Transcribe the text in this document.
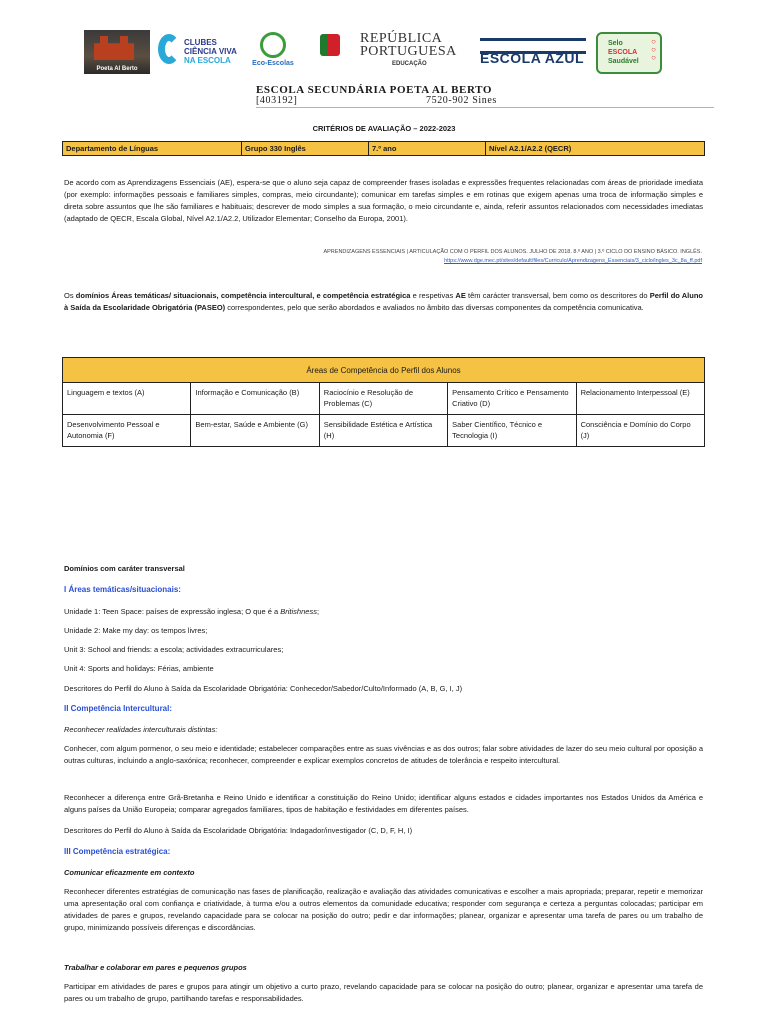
Poeta Al Berto
CLUBES
CIÊNCIA VIVA
NA ESCOLA	Eco-Escolas
REPÚBLICA
PORTUGUESA
EDUCAÇÃO	ESCOLA AZUL
Selo
ESCOLA
Saudável
○
○
○
ESCOLA SECUNDÁRIA POETA AL BERTO
[403192]	7520-902 Sines
CRITÉRIOS DE AVALIAÇÃO – 2022-2023
Departamento de Línguas	Grupo 330 Inglês	7.º ano	Nível A2.1/A2.2 (QECR)
De acordo com as Aprendizagens Essenciais (AE), espera-se que o aluno seja capaz de compreender frases isoladas e expressões frequentes relacionadas com áreas de prioridade imediata (por exemplo: informações pessoais e familiares simples, compras, meio circundante); comunicar em tarefas simples e em rotinas que exigem apenas uma troca de informação simples e direta sobre assuntos que lhe são familiares e habituais; descrever de modo simples a sua formação, o meio circundante e, ainda, referir assuntos relacionados com necessidades imediatas (adaptado de QECR, Escala Global, Nível A2.1/A2.2, Utilizador Elementar; Conselho da Europa, 2001).
APRENDIZAGENS ESSENCIAIS | ARTICULAÇÃO COM O PERFIL DOS ALUNOS. JULHO DE 2018. 8.º ANO | 3.º CICLO DO ENSINO BÁSICO. INGLÊS.
https://www.dge.mec.pt/sites/default/files/Curriculo/Aprendizagens_Essenciais/3_ciclo/ingles_3c_8a_ff.pdf
Os domínios Áreas temáticas/ situacionais, competência intercultural, e competência estratégica e respetivas AE têm carácter transversal, bem como os descritores do Perfil do Aluno à Saída da Escolaridade Obrigatória (PASEO) correspondentes, pelo que serão abordados e avaliados no âmbito das diversas componentes da competência comunicativa.
Áreas de Competência do Perfil dos Alunos				
Linguagem e textos (A)	Informação e Comunicação (B)	Raciocínio e Resolução de Problemas (C)	Pensamento Crítico e Pensamento Criativo (D)	Relacionamento Interpessoal (E)
Desenvolvimento Pessoal e Autonomia (F)	Bem-estar, Saúde e Ambiente (G)	Sensibilidade Estética e Artística (H)	Saber Científico, Técnico e Tecnologia (I)	Consciência e Domínio do Corpo (J)
Domínios com caráter transversal
I Áreas temáticas/situacionais:
Unidade 1: Teen Space: países de expressão inglesa; O que é a Britishness;
Unidade 2: Make my day: os tempos livres;
Unit 3: School and friends: a escola; actividades extracurriculares;
Unit 4: Sports and holidays: Férias, ambiente
Descritores do Perfil do Aluno à Saída da Escolaridade Obrigatória: Conhecedor/Sabedor/Culto/Informado (A, B, G, I, J)
II Competência Intercultural:
Reconhecer realidades interculturais distintas:
Conhecer, com algum pormenor, o seu meio e identidade; estabelecer comparações entre as suas vivências e as dos outros; falar sobre atividades de lazer do seu meio cultural por oposição a outras culturas, incluindo a anglo-saxónica; reconhecer, compreender e explicar exemplos concretos de atitudes de tolerância e respeito intercultural.
Reconhecer a diferença entre Grã-Bretanha e Reino Unido e identificar a constituição do Reino Unido; identificar alguns estados e cidades importantes nos Estados Unidos da América e alguns países da União Europeia; comparar agregados familiares, tipos de habitação e festividades em diferentes países.
Descritores do Perfil do Aluno à Saída da Escolaridade Obrigatória: Indagador/investigador (C, D, F, H, I)
III Competência estratégica:
Comunicar eficazmente em contexto
Reconhecer diferentes estratégias de comunicação nas fases de planificação, realização e avaliação das atividades comunicativas e escolher a mais apropriada; preparar, repetir e memorizar uma apresentação oral com confiança e criatividade, à turma e/ou a outros elementos da comunidade educativa; responder com segurança e certeza a perguntas colocadas; participar em atividades de pares e grupos, revelando capacidade para se colocar na posição do outro; pedir e dar informações; planear, organizar e apresentar uma tarefa de pares ou um trabalho de grupo, minimizando possíveis diferenças e discordâncias.
Trabalhar e colaborar em pares e pequenos grupos
Participar em atividades de pares e grupos para atingir um objetivo a curto prazo, revelando capacidade para se colocar na posição do outro; planear, organizar e apresentar uma tarefa de pares ou um trabalho de grupo, partilhando tarefas e responsabilidades.
